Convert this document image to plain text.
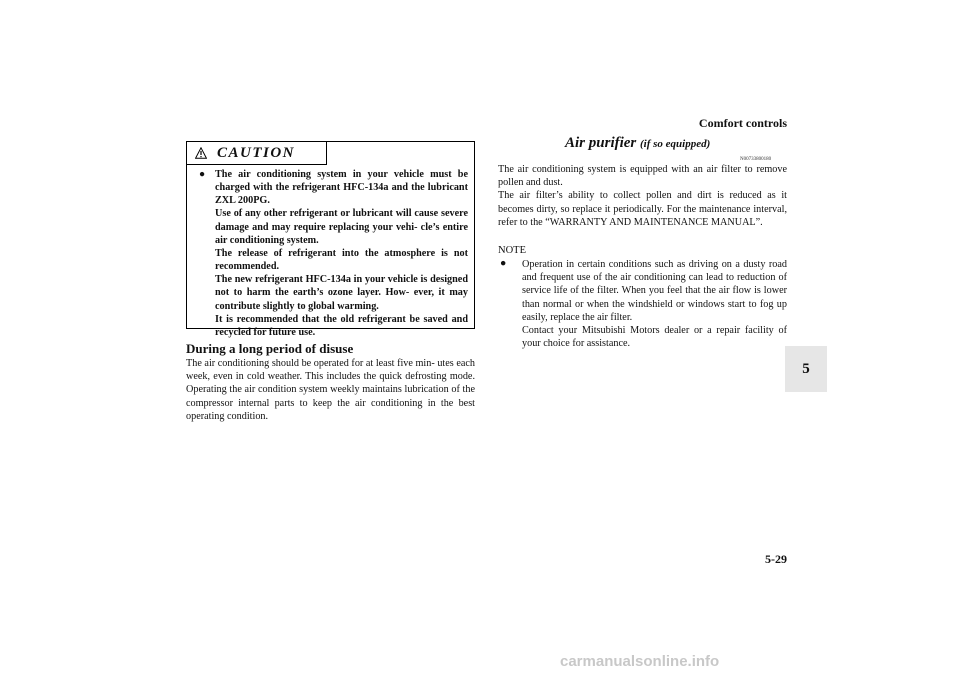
Comfort controls
5
5-29
CAUTION
● The air conditioning system in your vehicle must be charged with the refrigerant HFC-134a and the lubricant ZXL 200PG.

Use of any other refrigerant or lubricant will cause severe damage and may require replacing your vehi- cle’s entire air conditioning system.

The release of refrigerant into the atmosphere is not recommended.

The new refrigerant HFC-134a in your vehicle is designed not to harm the earth’s ozone layer. How- ever, it may contribute slightly to global warming.

It is recommended that the old refrigerant be saved and recycled for future use.

During a long period of disuse

The air conditioning should be operated for at least five min- utes each week, even in cold weather. This includes the quick defrosting mode. Operating the air condition system weekly maintains lubrication of the compressor internal parts to keep the air conditioning in the best operating condition.

Air purifier (if so equipped)
N00733800180

The air conditioning system is equipped with an air filter to remove pollen and dust.
The air filter’s ability to collect pollen and dirt is reduced as it becomes dirty, so replace it periodically. For the maintenance interval, refer to the “WARRANTY AND MAINTENANCE MANUAL”.

NOTE
● Operation in certain conditions such as driving on a dusty road and frequent use of the air conditioning can lead to reduction of service life of the filter. When you feel that the air flow is lower than normal or when the windshield or windows start to fog up easily, replace the air filter.
Contact your Mitsubishi Motors dealer or a repair facility of your choice for assistance.

carmanualsonline.info
